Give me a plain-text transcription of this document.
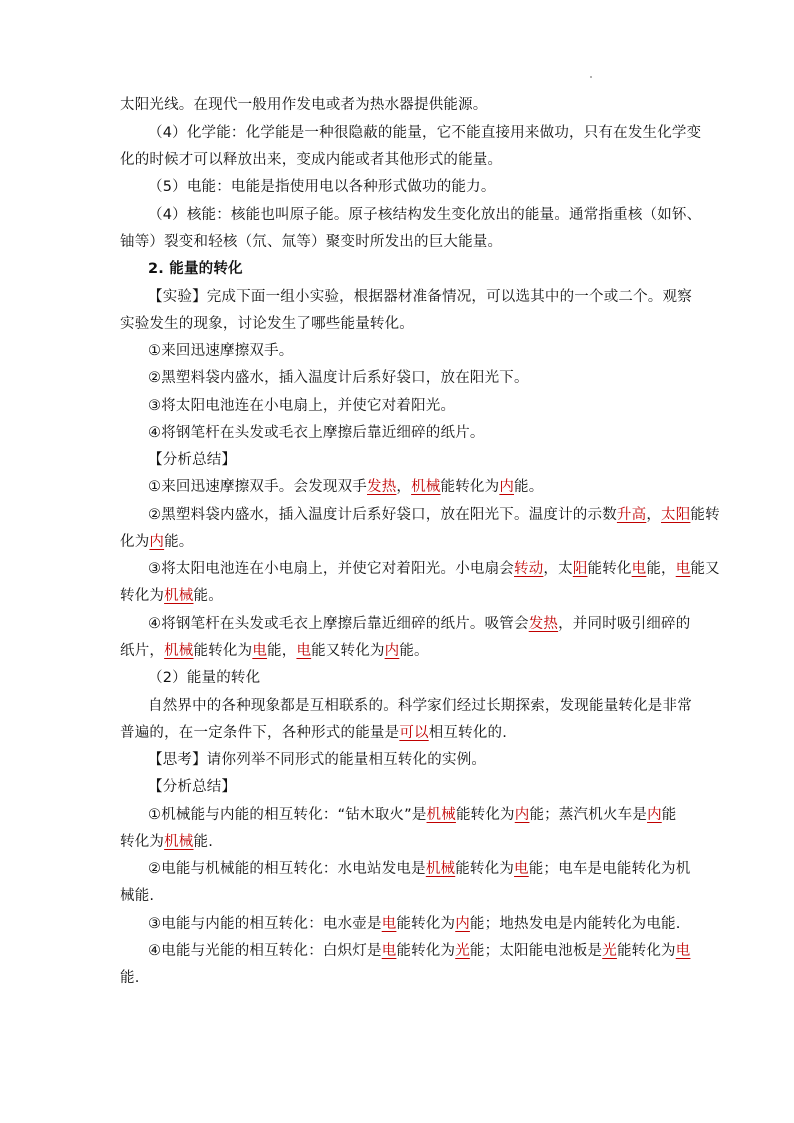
太阳光线。在现代一般用作发电或者为热水器提供能源。
（4）化学能：化学能是一种很隐蔽的能量，它不能直接用来做功，只有在发生化学变
化的时候才可以释放出来，变成内能或者其他形式的能量。
（5）电能：电能是指使用电以各种形式做功的能力。
（4）核能：核能也叫原子能。原子核结构发生变化放出的能量。通常指重核（如钚、
铀等）裂变和轻核（氘、氚等）聚变时所发出的巨大能量。
2. 能量的转化
【实验】完成下面一组小实验，根据器材准备情况，可以选其中的一个或二个。观察
实验发生的现象，讨论发生了哪些能量转化。
①来回迅速摩擦双手。
②黑塑料袋内盛水，插入温度计后系好袋口，放在阳光下。
③将太阳电池连在小电扇上，并使它对着阳光。
④将钢笔杆在头发或毛衣上摩擦后靠近细碎的纸片。
【分析总结】
①来回迅速摩擦双手。会发现双手发热，机械能转化为内能。
②黑塑料袋内盛水，插入温度计后系好袋口，放在阳光下。温度计的示数升高，太阳能转
化为内能。
③将太阳电池连在小电扇上，并使它对着阳光。小电扇会转动，太阳能转化电能，电能又
转化为机械能。
④将钢笔杆在头发或毛衣上摩擦后靠近细碎的纸片。吸管会发热，并同时吸引细碎的
纸片，机械能转化为电能，电能又转化为内能。
（2）能量的转化
自然界中的各种现象都是互相联系的。科学家们经过长期探索，发现能量转化是非常
普遍的，在一定条件下，各种形式的能量是可以相互转化的.
【思考】请你列举不同形式的能量相互转化的实例。
【分析总结】
①机械能与内能的相互转化：“钻木取火”是机械能转化为内能；蒸汽机火车是内能
转化为机械能.
②电能与机械能的相互转化：水电站发电是机械能转化为电能；电车是电能转化为机
械能.
③电能与内能的相互转化：电水壶是电能转化为内能；地热发电是内能转化为电能.
④电能与光能的相互转化：白炽灯是电能转化为光能；太阳能电池板是光能转化为电
能.
